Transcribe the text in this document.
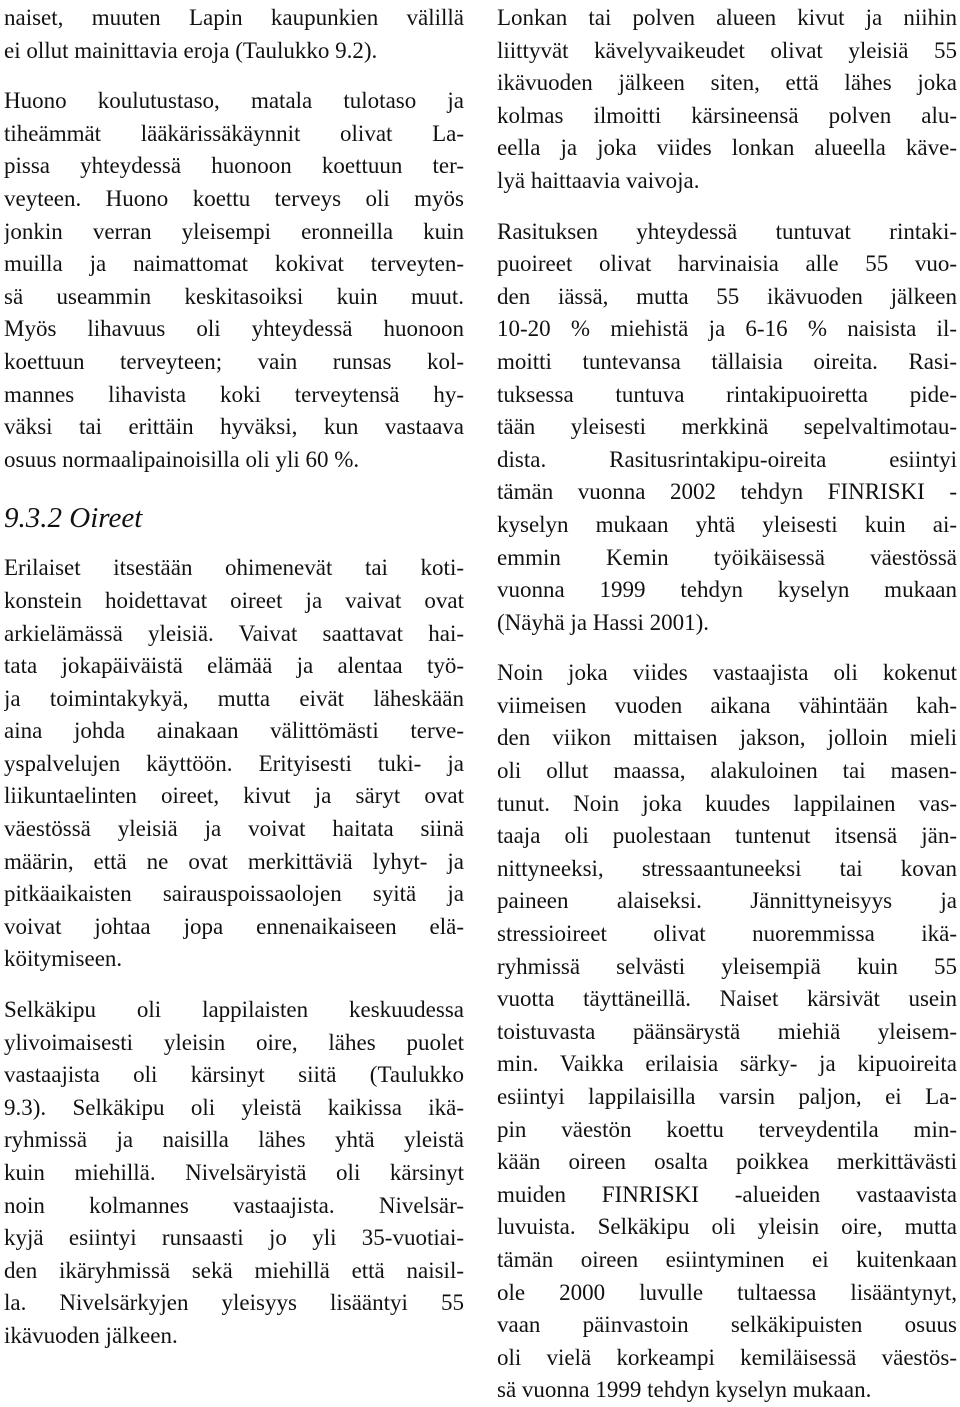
naiset, muuten Lapin kaupunkien välillä
ei ollut mainittavia eroja (Taulukko 9.2).
Huono koulutustaso, matala tulotaso ja
tiheämmät lääkärissäkäynnit olivat La-
pissa yhteydessä huonoon koettuun ter-
veyteen. Huono koettu terveys oli myös
jonkin verran yleisempi eronneilla kuin
muilla ja naimattomat kokivat terveyten-
sä useammin keskitasoiksi kuin muut.
Myös lihavuus oli yhteydessä huonoon
koettuun terveyteen; vain runsas kol-
mannes lihavista koki terveytensä hy-
väksi tai erittäin hyväksi, kun vastaava
osuus normaalipainoisilla oli yli 60 %.
9.3.2 Oireet
Erilaiset itsestään ohimenevät tai koti-
konstein hoidettavat oireet ja vaivat ovat
arkielämässä yleisiä. Vaivat saattavat hai-
tata jokapäiväistä elämää ja alentaa työ-
ja toimintakykyä, mutta eivät läheskään
aina johda ainakaan välittömästi terve-
yspalvelujen käyttöön. Erityisesti tuki- ja
liikuntaelinten oireet, kivut ja säryt ovat
väestössä yleisiä ja voivat haitata siinä
määrin, että ne ovat merkittäviä lyhyt- ja
pitkäaikaisten sairauspoissaolojen syitä ja
voivat johtaa jopa ennenaikaiseen elä-
köitymiseen.
Selkäkipu oli lappilaisten keskuudessa
ylivoimaisesti yleisin oire, lähes puolet
vastaajista oli kärsinyt siitä (Taulukko
9.3). Selkäkipu oli yleistä kaikissa ikä-
ryhmissä ja naisilla lähes yhtä yleistä
kuin miehillä. Nivelsäryistä oli kärsinyt
noin kolmannes vastaajista. Nivelsär-
kyjä esiintyi runsaasti jo yli 35-vuotiai-
den ikäryhmissä sekä miehillä että naisil-
la. Nivelsärkyjen yleisyys lisääntyi 55
ikävuoden jälkeen.
Lonkan tai polven alueen kivut ja niihin
liittyvät kävelyvaikeudet olivat yleisiä 55
ikävuoden jälkeen siten, että lähes joka
kolmas ilmoitti kärsineensä polven alu-
eella ja joka viides lonkan alueella käve-
lyä haittaavia vaivoja.
Rasituksen yhteydessä tuntuvat rintaki-
puoireet olivat harvinaisia alle 55 vuo-
den iässä, mutta 55 ikävuoden jälkeen
10-20 % miehistä ja 6-16 % naisista il-
moitti tuntevansa tällaisia oireita. Rasi-
tuksessa tuntuva rintakipuoiretta pide-
tään yleisesti merkkinä sepelvaltimotau-
dista. Rasitusrintakipu-oireita esiintyi
tämän vuonna 2002 tehdyn FINRISKI -
kyselyn mukaan yhtä yleisesti kuin ai-
emmin Kemin työikäisessä väestössä
vuonna 1999 tehdyn kyselyn mukaan
(Näyhä ja Hassi 2001).
Noin joka viides vastaajista oli kokenut
viimeisen vuoden aikana vähintään kah-
den viikon mittaisen jakson, jolloin mieli
oli ollut maassa, alakuloinen tai masen-
tunut. Noin joka kuudes lappilainen vas-
taaja oli puolestaan tuntenut itsensä jän-
nittyneeksi, stressaantuneeksi tai kovan
paineen alaiseksi. Jännittyneisyys ja
stressioireet olivat nuoremmissa ikä-
ryhmissä selvästi yleisempiä kuin 55
vuotta täyttäneillä. Naiset kärsivät usein
toistuvasta päänsärystä miehiä yleisem-
min. Vaikka erilaisia särky- ja kipuoireita
esiintyi lappilaisilla varsin paljon, ei La-
pin väestön koettu terveydentila min-
kään oireen osalta poikkea merkittävästi
muiden FINRISKI -alueiden vastaavista
luvuista. Selkäkipu oli yleisin oire, mutta
tämän oireen esiintyminen ei kuitenkaan
ole 2000 luvulle tultaessa lisääntynyt,
vaan päinvastoin selkäkipuisten osuus
oli vielä korkeampi kemiläisessä väestös-
sä vuonna 1999 tehdyn kyselyn mukaan.
